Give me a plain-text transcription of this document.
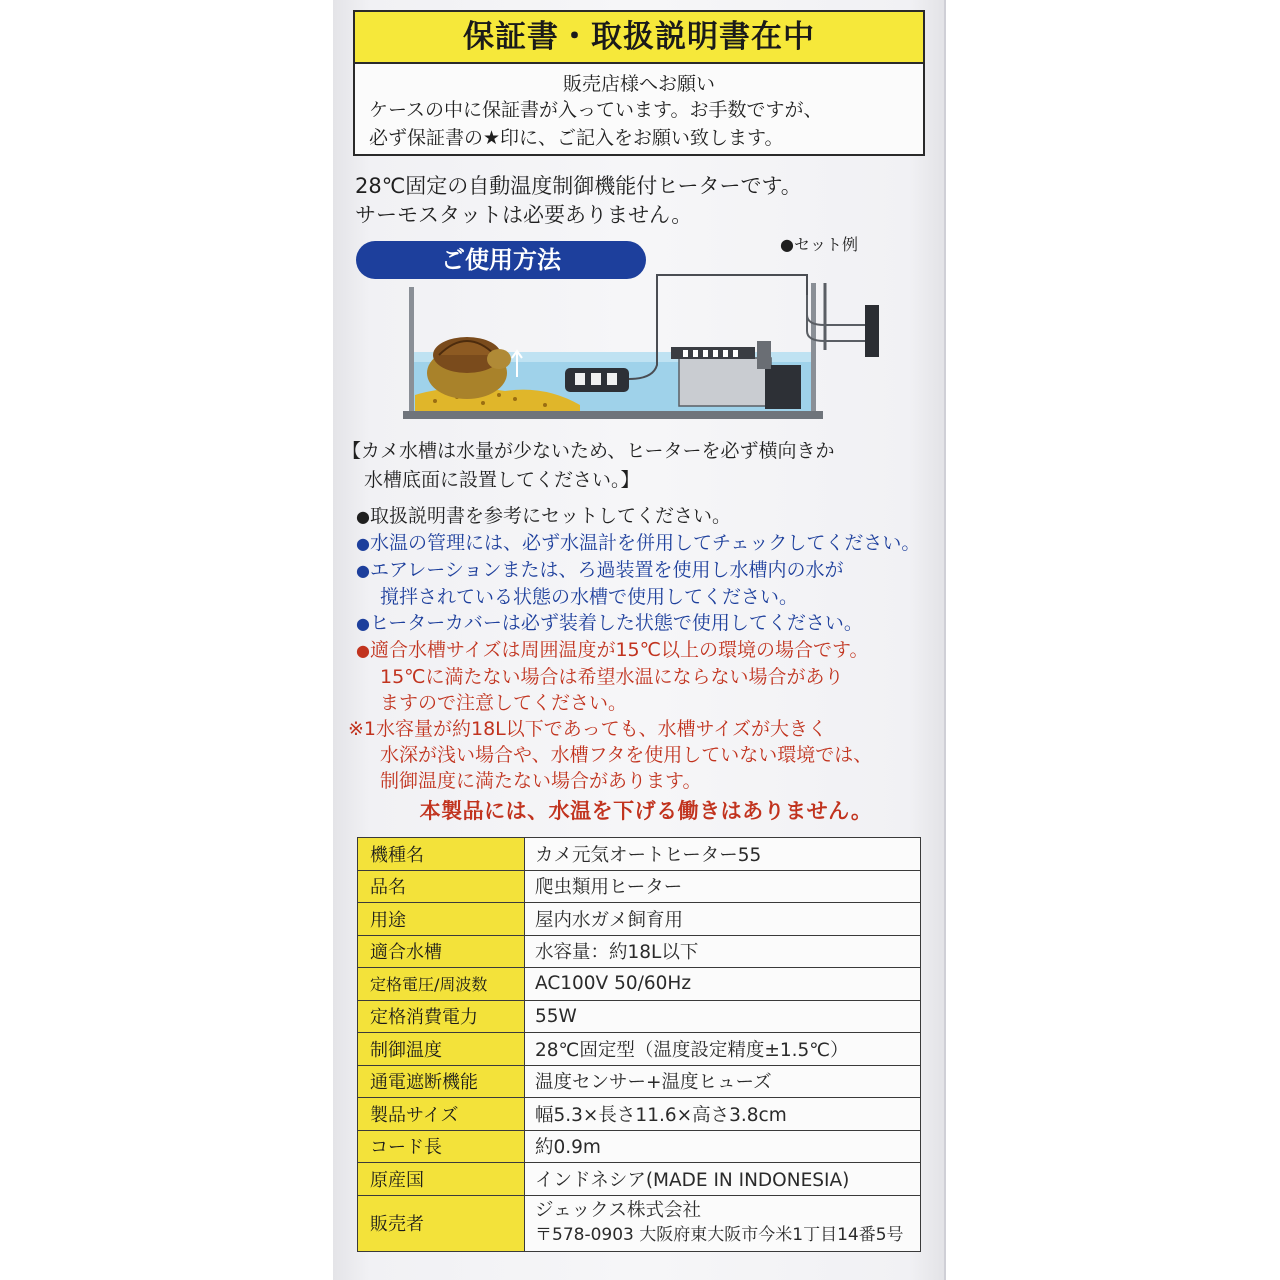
保証書・取扱説明書在中
販売店様へお願い
ケースの中に保証書が入っています。お手数ですが、
必ず保証書の★印に、ご記入をお願い致します。
28℃固定の自動温度制御機能付ヒーターです。
サーモスタットは必要ありません。
ご使用方法
●セット例
【カメ水槽は水量が少ないため、ヒーターを必ず横向きか
水槽底面に設置してください。】
●取扱説明書を参考にセットしてください。
●水温の管理には、必ず水温計を併用してチェックしてください。
●エアレーションまたは、ろ過装置を使用し水槽内の水が
撹拌されている状態の水槽で使用してください。
●ヒーターカバーは必ず装着した状態で使用してください。
●適合水槽サイズは周囲温度が15℃以上の環境の場合です。
15℃に満たない場合は希望水温にならない場合があり
ますので注意してください。
※1水容量が約18L以下であっても、水槽サイズが大きく
水深が浅い場合や、水槽フタを使用していない環境では、
制御温度に満たない場合があります。
本製品には、水温を下げる働きはありません。
機種名	カメ元気オートヒーター55
品名	爬虫類用ヒーター
用途	屋内水ガメ飼育用
適合水槽	水容量：約18L以下
定格電圧/周波数	AC100V 50/60Hz
定格消費電力	55W
制御温度	28℃固定型（温度設定精度±1.5℃）
通電遮断機能	温度センサー+温度ヒューズ
製品サイズ	幅5.3×長さ11.6×高さ3.8cm
コード長	約0.9m
原産国	インドネシア(MADE IN INDONESIA)
販売者	ジェックス株式会社
〒578-0903 大阪府東大阪市今米1丁目14番5号
